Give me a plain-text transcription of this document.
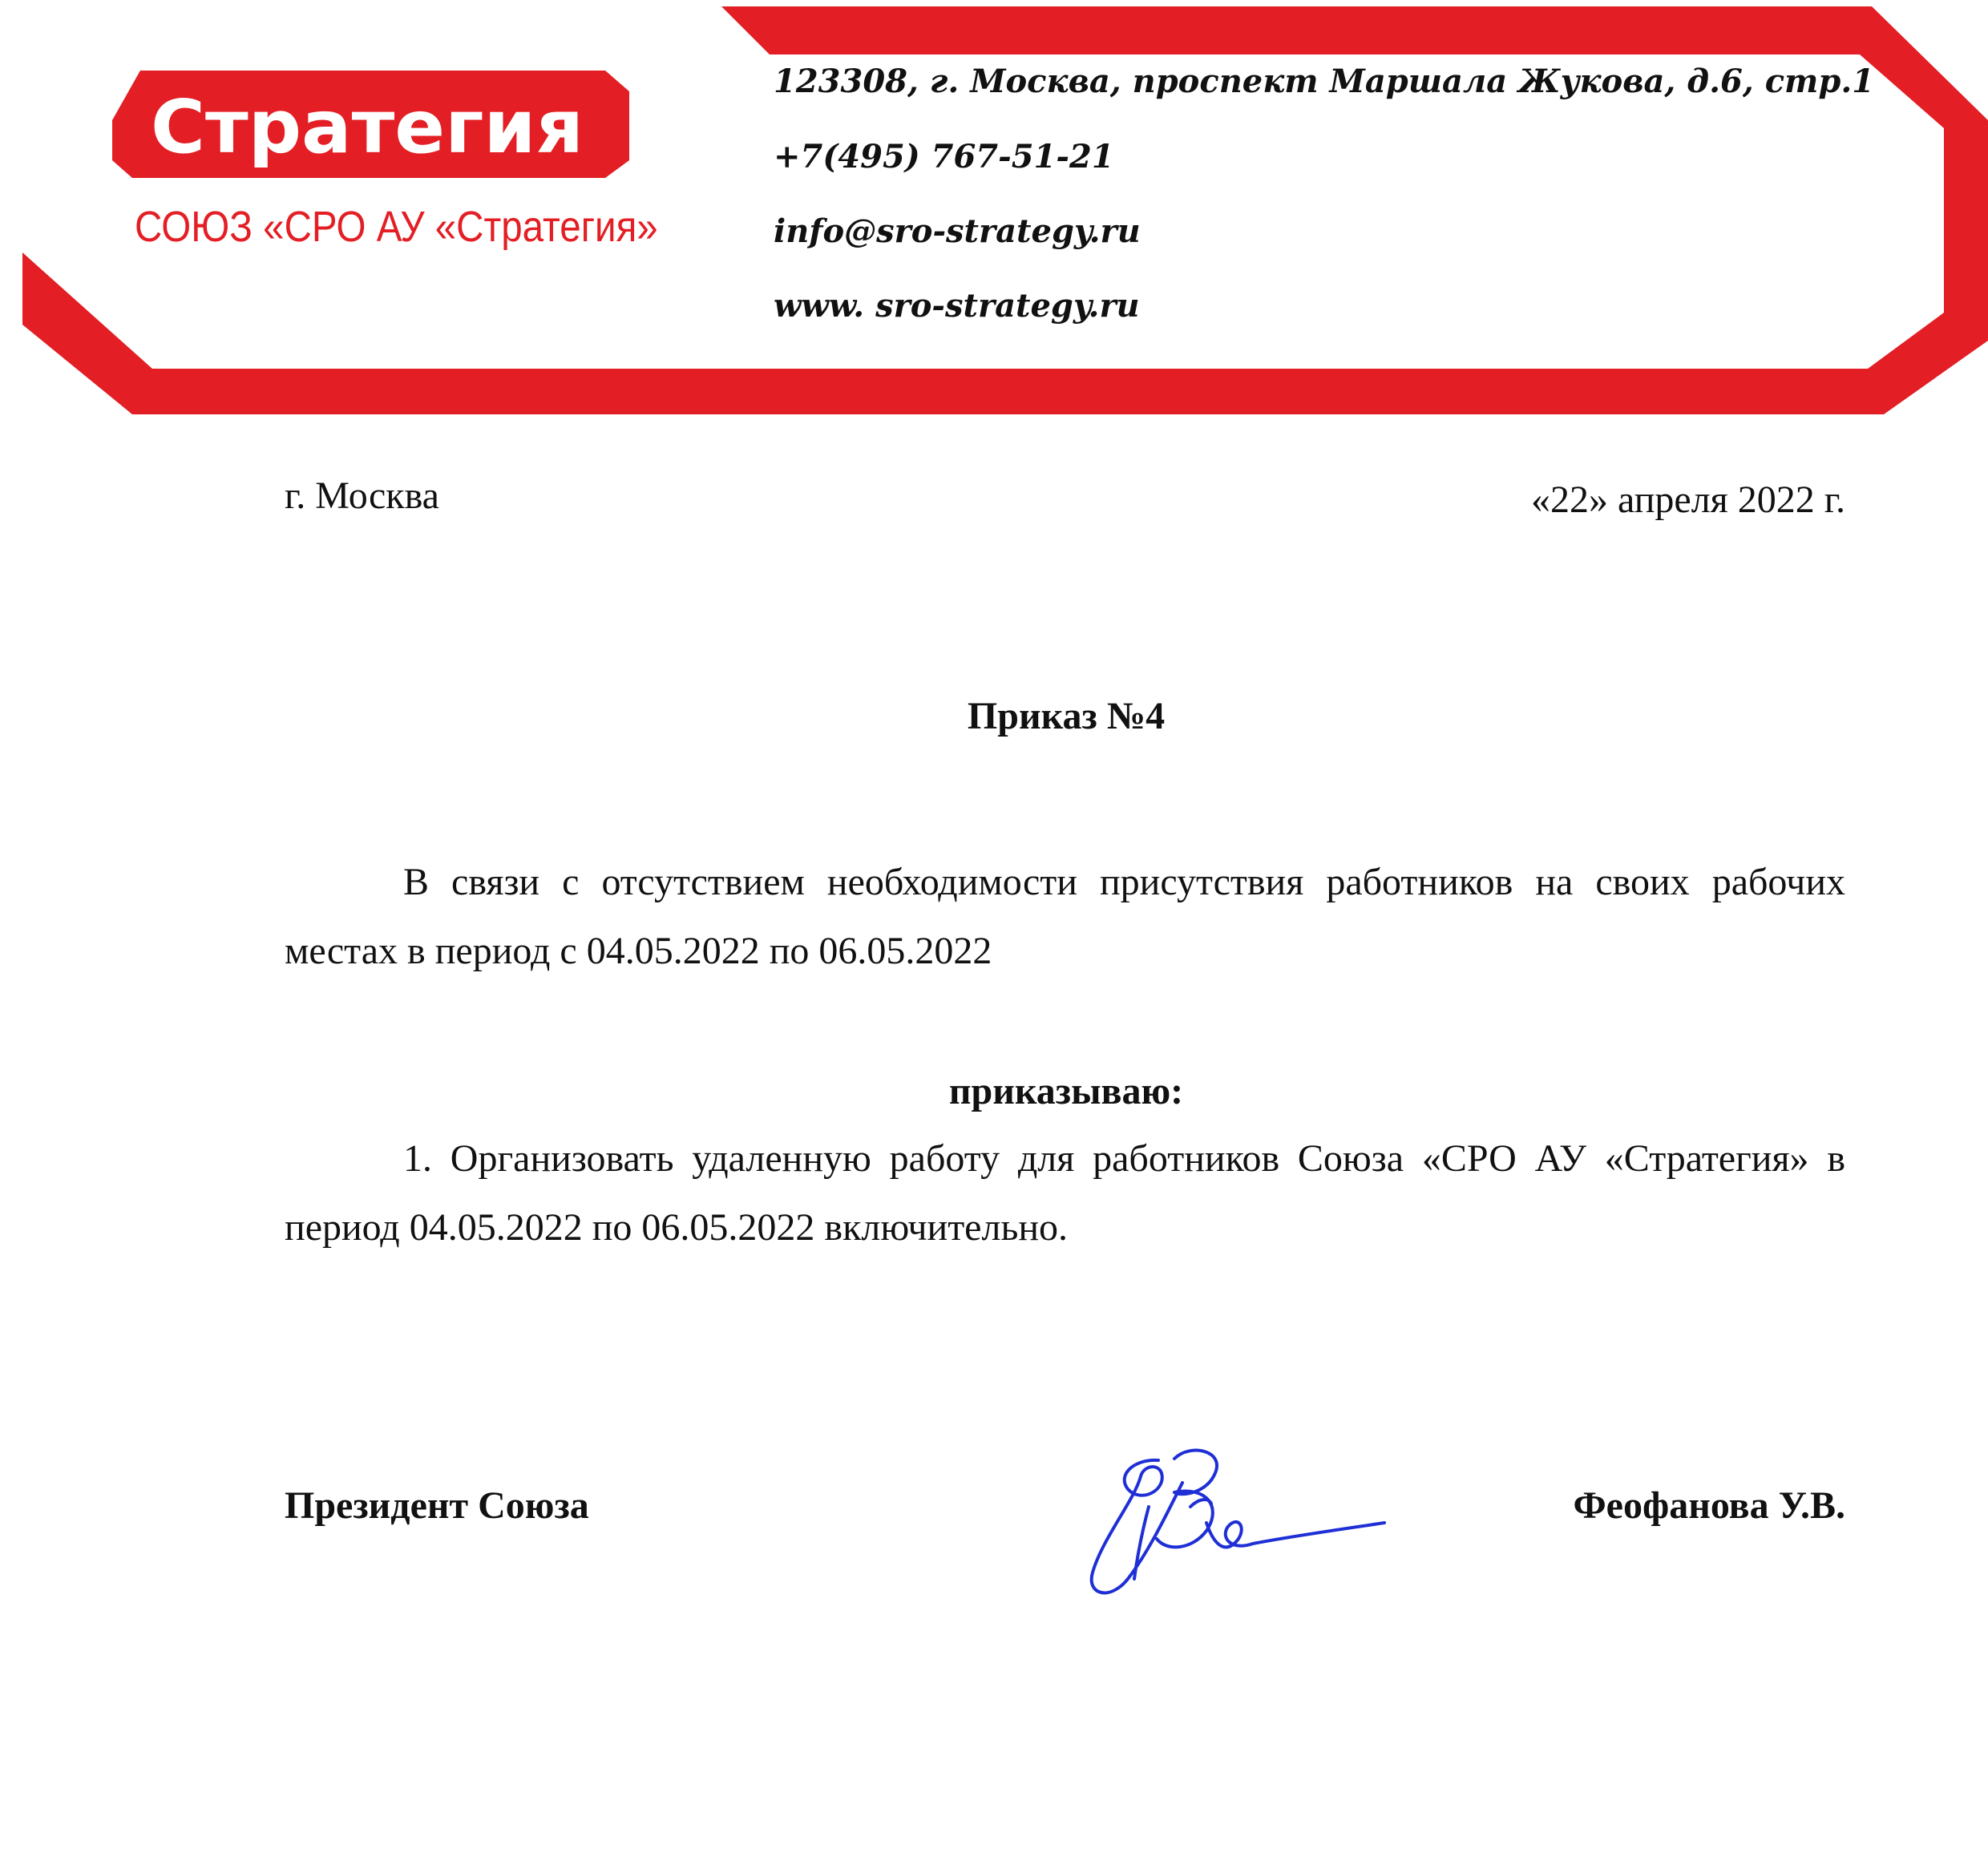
Стратегия
СОЮЗ «СРО АУ «Стратегия»
123308, г. Москва, проспект Маршала Жукова, д.6, стр.1
+7(495) 767-51-21
info@sro-strategy.ru
www. sro-strategy.ru
г. Москва	«22» апреля 2022 г.
Приказ №4
В связи с отсутствием необходимости присутствия работников на своих рабочих местах в период с 04.05.2022 по 06.05.2022
приказываю:
1. Организовать удаленную работу для работников Союза «СРО АУ «Стратегия» в период 04.05.2022 по 06.05.2022 включительно.
Президент Союза	Феофанова У.В.
